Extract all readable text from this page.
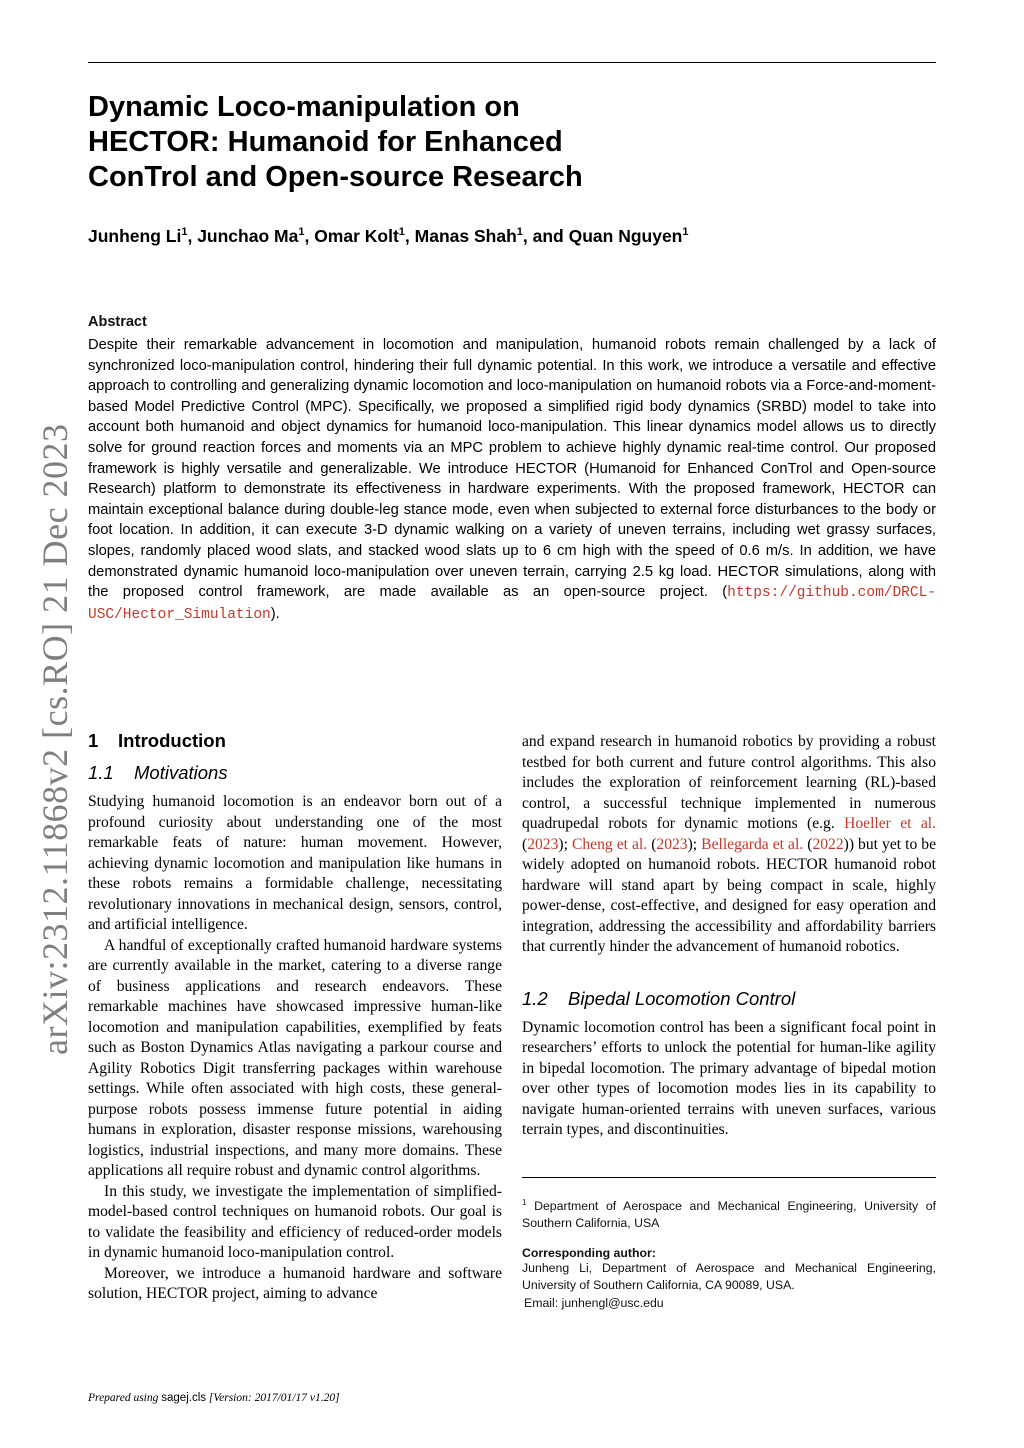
arXiv:2312.11868v2 [cs.RO] 21 Dec 2023
Dynamic Loco-manipulation on HECTOR: Humanoid for Enhanced ConTrol and Open-source Research
Junheng Li$^1$, Junchao Ma$^1$, Omar Kolt$^1$, Manas Shah$^1$, and Quan Nguyen$^1$
Abstract

Despite their remarkable advancement in locomotion and manipulation, humanoid robots remain challenged by a lack of synchronized loco-manipulation control, hindering their full dynamic potential. In this work, we introduce a versatile and effective approach to controlling and generalizing dynamic locomotion and loco-manipulation on humanoid robots via a Force-and-moment-based Model Predictive Control (MPC). Specifically, we proposed a simplified rigid body dynamics (SRBD) model to take into account both humanoid and object dynamics for humanoid loco-manipulation. This linear dynamics model allows us to directly solve for ground reaction forces and moments via an MPC problem to achieve highly dynamic real-time control. Our proposed framework is highly versatile and generalizable. We introduce HECTOR (Humanoid for Enhanced ConTrol and Open-source Research) platform to demonstrate its effectiveness in hardware experiments. With the proposed framework, HECTOR can maintain exceptional balance during double-leg stance mode, even when subjected to external force disturbances to the body or foot location. In addition, it can execute 3-D dynamic walking on a variety of uneven terrains, including wet grassy surfaces, slopes, randomly placed wood slats, and stacked wood slats up to 6 cm high with the speed of 0.6 m/s. In addition, we have demonstrated dynamic humanoid loco-manipulation over uneven terrain, carrying 2.5 kg load. HECTOR simulations, along with the proposed control framework, are made available as an open-source project. (https://github.com/DRCL-USC/Hector_Simulation).

1 Introduction
1.1 Motivations

Studying humanoid locomotion is an endeavor born out of a profound curiosity about understanding one of the most remarkable feats of nature: human movement. However, achieving dynamic locomotion and manipulation like humans in these robots remains a formidable challenge, necessitating revolutionary innovations in mechanical design, sensors, control, and artificial intelligence.

A handful of exceptionally crafted humanoid hardware systems are currently available in the market, catering to a diverse range of business applications and research endeavors. These remarkable machines have showcased impressive human-like locomotion and manipulation capabilities, exemplified by feats such as Boston Dynamics Atlas navigating a parkour course and Agility Robotics Digit transferring packages within warehouse settings. While often associated with high costs, these general-purpose robots possess immense future potential in aiding humans in exploration, disaster response missions, warehousing logistics, industrial inspections, and many more domains. These applications all require robust and dynamic control algorithms.

In this study, we investigate the implementation of simplified-model-based control techniques on humanoid robots. Our goal is to validate the feasibility and efficiency of reduced-order models in dynamic humanoid loco-manipulation control.

Moreover, we introduce a humanoid hardware and software solution, HECTOR project, aiming to advance

and expand research in humanoid robotics by providing a robust testbed for both current and future control algorithms. This also includes the exploration of reinforcement learning (RL)-based control, a successful technique implemented in numerous quadrupedal robots for dynamic motions (e.g. Hoeller et al. (2023); Cheng et al. (2023); Bellegarda et al. (2022)) but yet to be widely adopted on humanoid robots. HECTOR humanoid robot hardware will stand apart by being compact in scale, highly power-dense, cost-effective, and designed for easy operation and integration, addressing the accessibility and affordability barriers that currently hinder the advancement of humanoid robotics.

1.2 Bipedal Locomotion Control

Dynamic locomotion control has been a significant focal point in researchers’ efforts to unlock the potential for human-like agility in bipedal locomotion. The primary advantage of bipedal motion over other types of locomotion modes lies in its capability to navigate human-oriented terrains with uneven surfaces, various terrain types, and discontinuities.

$^1$ Department of Aerospace and Mechanical Engineering, University of Southern California, USA

Corresponding author:

Junheng Li, Department of Aerospace and Mechanical Engineering, University of Southern California, CA 90089, USA.

Email: junhengl@usc.edu

Prepared using sagej.cls [Version: 2017/01/17 v1.20]
